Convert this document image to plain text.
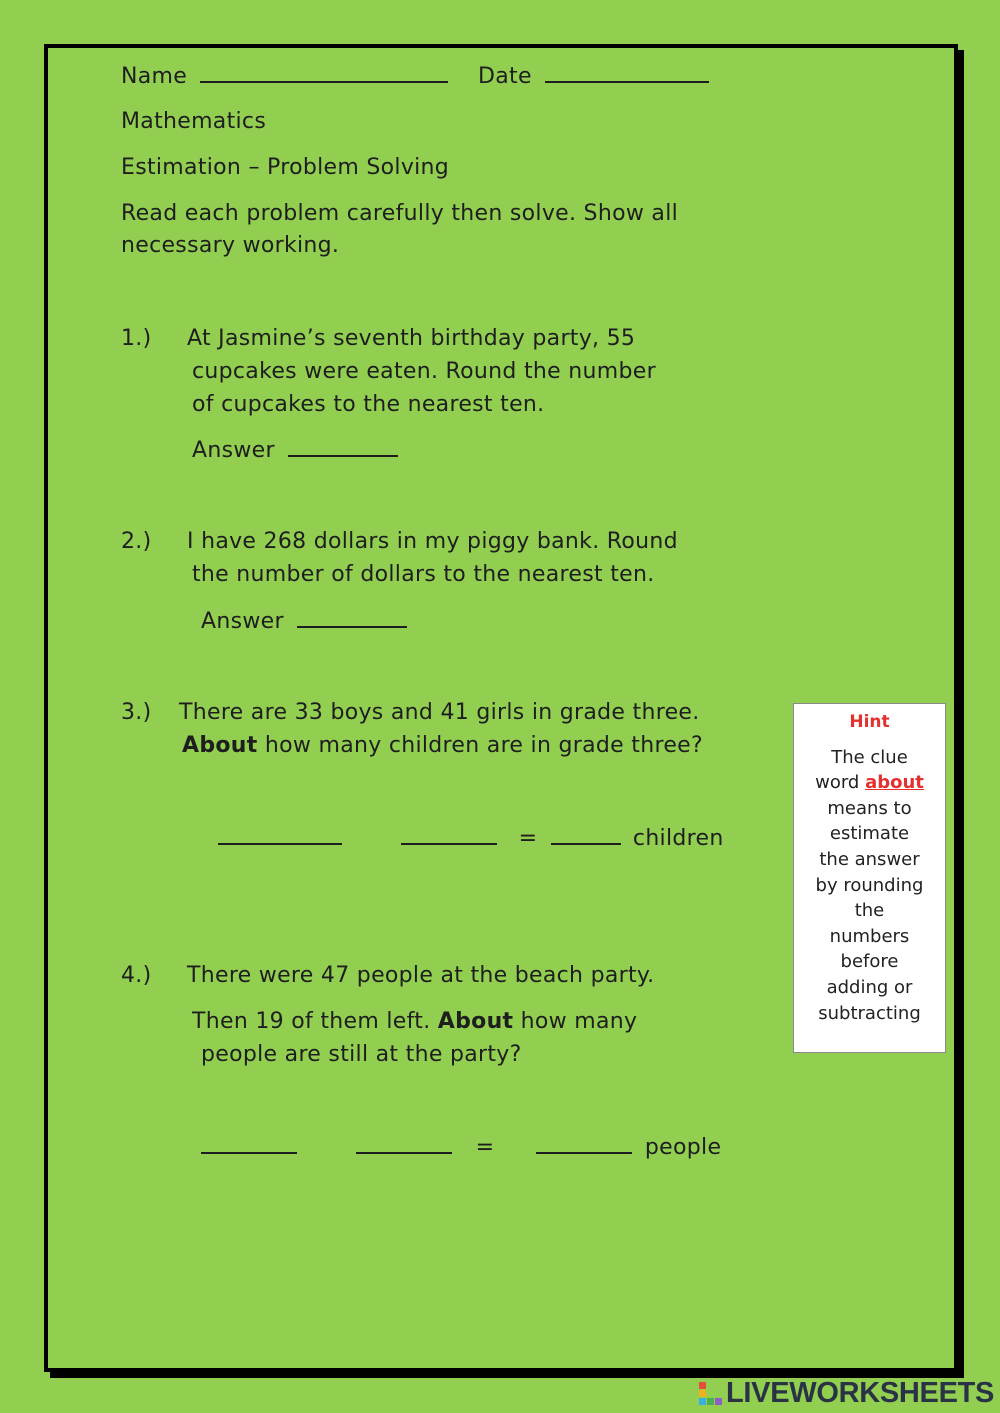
Name	Date
Mathematics
Estimation – Problem Solving
Read each problem carefully then solve. Show all
necessary working.
1.) At Jasmine’s seventh birthday party, 55
cupcakes were eaten. Round the number
of cupcakes to the nearest ten.
Answer
2.) I have 268 dollars in my piggy bank. Round
the number of dollars to the nearest ten.
Answer
3.) There are 33 boys and 41 girls in grade three.
About how many children are in grade three?
=	children
4.) There were 47 people at the beach party.
Then 19 of them left. About how many
people are still at the party?
=	people
Hint
The clue
word about
means to
estimate
the answer
by rounding
the
numbers
before
adding or
subtracting
LIVEWORKSHEETS
